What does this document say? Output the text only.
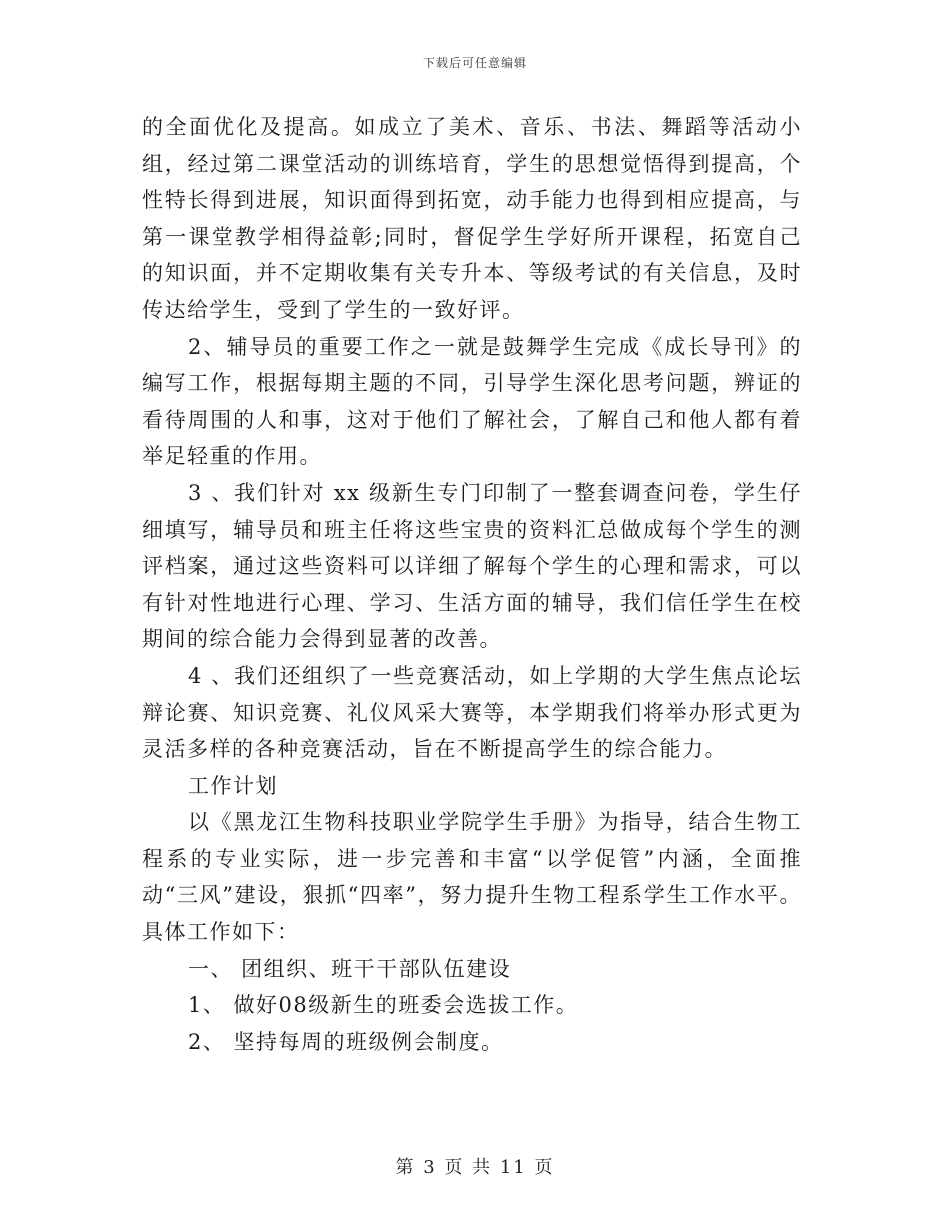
下载后可任意编辑

的全面优化及提高。如成立了美术、音乐、书法、舞蹈等活动小组，经过第二课堂活动的训练培育，学生的思想觉悟得到提高，个性特长得到进展，知识面得到拓宽，动手能力也得到相应提高，与第一课堂教学相得益彰;同时，督促学生学好所开课程，拓宽自己的知识面，并不定期收集有关专升本、等级考试的有关信息，及时传达给学生，受到了学生的一致好评。

2、辅导员的重要工作之一就是鼓舞学生完成《成长导刊》的编写工作，根据每期主题的不同，引导学生深化思考问题，辨证的看待周围的人和事，这对于他们了解社会，了解自己和他人都有着举足轻重的作用。

3 、我们针对 xx 级新生专门印制了一整套调查问卷，学生仔细填写，辅导员和班主任将这些宝贵的资料汇总做成每个学生的测评档案，通过这些资料可以详细了解每个学生的心理和需求，可以有针对性地进行心理、学习、生活方面的辅导，我们信任学生在校期间的综合能力会得到显著的改善。

4 、我们还组织了一些竞赛活动，如上学期的大学生焦点论坛辩论赛、知识竞赛、礼仪风采大赛等，本学期我们将举办形式更为灵活多样的各种竞赛活动，旨在不断提高学生的综合能力。

工作计划

以《黑龙江生物科技职业学院学生手册》为指导，结合生物工程系的专业实际，进一步完善和丰富“以学促管”内涵，全面推动“三风”建设，狠抓“四率”，努力提升生物工程系学生工作水平。具体工作如下：

一、 团组织、班干干部队伍建设

1、 做好08级新生的班委会选拔工作。

2、 坚持每周的班级例会制度。

第 3 页 共 11 页
